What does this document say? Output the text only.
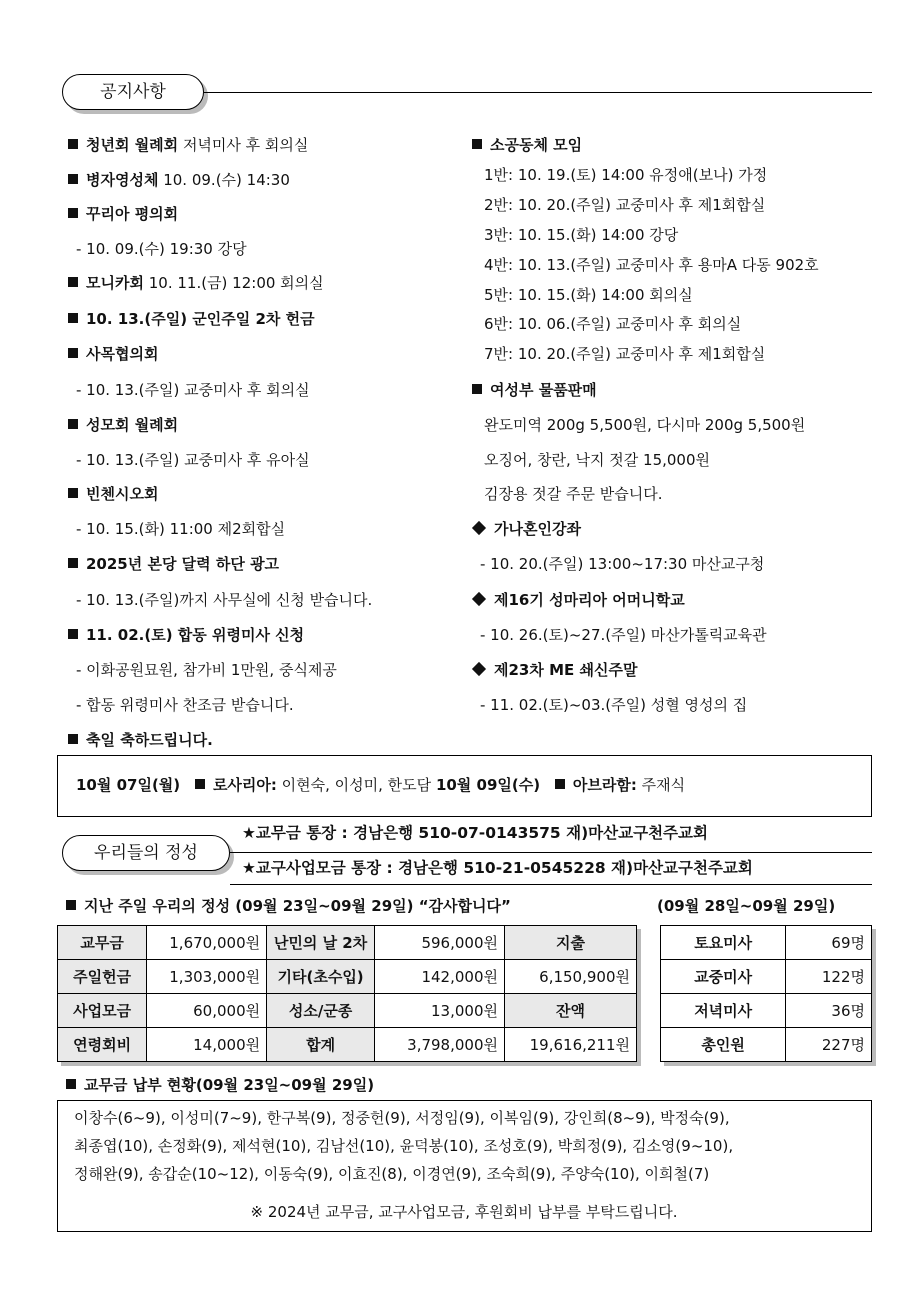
공지사항
청년회 월례회 저녁미사 후 회의실
병자영성체 10. 09.(수) 14:30
꾸리아 평의회
- 10. 09.(수) 19:30 강당
모니카회 10. 11.(금) 12:00 회의실
10. 13.(주일) 군인주일 2차 헌금
사목협의회
- 10. 13.(주일) 교중미사 후 회의실
성모회 월례회
- 10. 13.(주일) 교중미사 후 유아실
빈첸시오회
- 10. 15.(화) 11:00 제2회합실
2025년 본당 달력 하단 광고
- 10. 13.(주일)까지 사무실에 신청 받습니다.
11. 02.(토) 합동 위령미사 신청
- 이화공원묘원, 참가비 1만원, 중식제공
- 합동 위령미사 찬조금 받습니다.
축일 축하드립니다.
소공동체 모임
1반: 10. 19.(토) 14:00 유정애(보나) 가정
2반: 10. 20.(주일) 교중미사 후 제1회합실
3반: 10. 15.(화) 14:00 강당
4반: 10. 13.(주일) 교중미사 후 용마A 다동 902호
5반: 10. 15.(화) 14:00 회의실
6반: 10. 06.(주일) 교중미사 후 회의실
7반: 10. 20.(주일) 교중미사 후 제1회합실
여성부 물품판매
완도미역 200g 5,500원, 다시마 200g 5,500원
오징어, 창란, 낙지 젓갈 15,000원
김장용 젓갈 주문 받습니다.
가나혼인강좌
- 10. 20.(주일) 13:00~17:30 마산교구청
제16기 성마리아 어머니학교
- 10. 26.(토)~27.(주일) 마산가톨릭교육관
제23차 ME 쇄신주말
- 11. 02.(토)~03.(주일) 성혈 영성의 집
10월 07일(월) 로사리아: 이현숙, 이성미, 한도담 10월 09일(수) 아브라함: 주재식
우리들의 정성
★교무금 통장 : 경남은행 510-07-0143575 재)마산교구천주교회
★교구사업모금 통장 : 경남은행 510-21-0545228 재)마산교구천주교회
지난 주일 우리의 정성 (09월 23일~09월 29일) “감사합니다”	(09월 28일~09월 29일)
교무금	1,670,000원	난민의 날 2차	596,000원	지출
주일헌금	1,303,000원	기타(초수입)	142,000원	6,150,900원
사업모금	60,000원	성소/군종	13,000원	잔액
연령회비	14,000원	합계	3,798,000원	19,616,211원
토요미사	69명
교중미사	122명
저녁미사	36명
총인원	227명
교무금 납부 현황(09월 23일~09월 29일)
이창수(6~9), 이성미(7~9), 한구복(9), 정중헌(9), 서정임(9), 이복임(9), 강인희(8~9), 박정숙(9),
최종엽(10), 손정화(9), 제석현(10), 김남선(10), 윤덕봉(10), 조성호(9), 박희정(9), 김소영(9~10),
정해완(9), 송갑순(10~12), 이동숙(9), 이효진(8), 이경연(9), 조숙희(9), 주양숙(10), 이희철(7)
※ 2024년 교무금, 교구사업모금, 후원회비 납부를 부탁드립니다.
